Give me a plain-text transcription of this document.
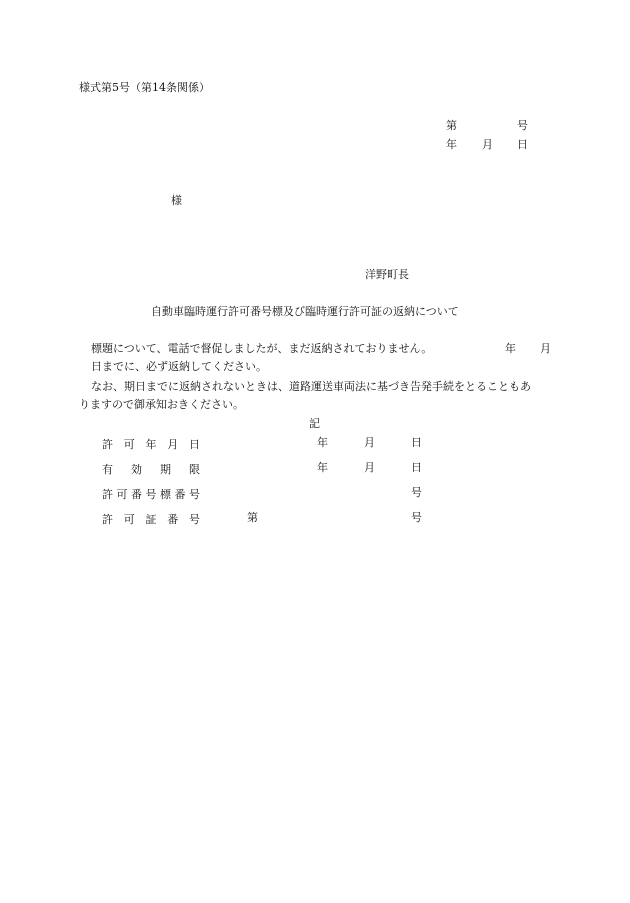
様式第5号（第14条関係）
第	号
年 月 日
様
洋野町長
自動車臨時運行許可番号標及び臨時運行許可証の返納について
標題について、電話で督促しましたが、まだ返納されておりません。	年 月
日までに、必ず返納してください。
なお、期日までに返納されないときは、道路運送車両法に基づき告発手続をとることもあ
りますので御承知おきください。
記
許 可 年 月 日	年	月	日
有 効 期 限	年	月	日
許 可 番 号 標 番 号	号
許 可 証 番 号	第	号
